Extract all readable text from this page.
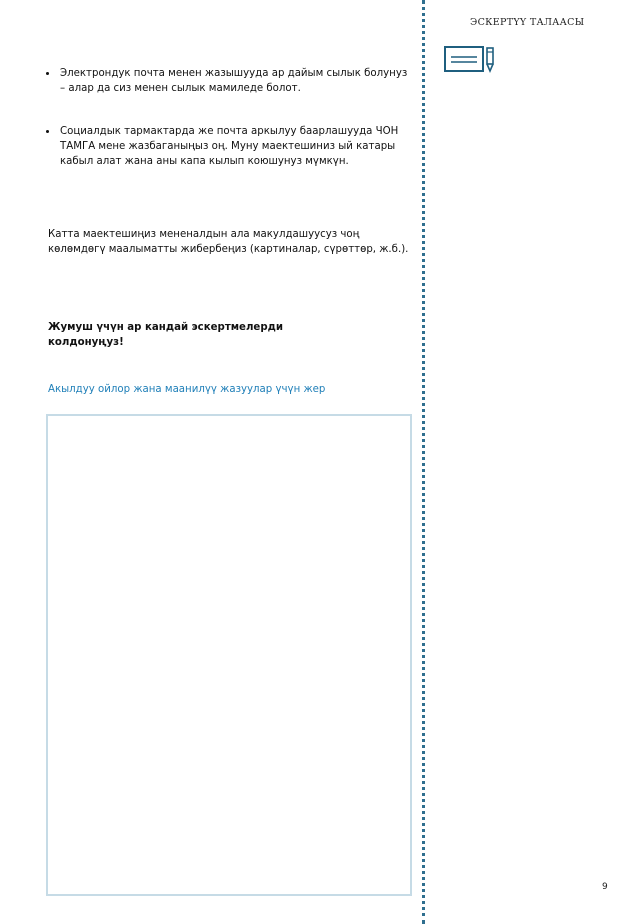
ЭСКЕРТҮҮ ТАЛААСЫ
Электрондук почта менен жазышууда ар дайым сылык болунуз – алар да сиз менен сылык мамиледе болот.
Социалдык тармактарда же почта аркылуу баарлашууда ЧОН ТАМГА мене жазбаганыңыз оң. Муну маектешиниз ый катары кабыл алат жана аны капа кылып коюшунуз мүмкүн.

Катта маектешиңиз мененалдын ала макулдашуусуз чоң көлөмдөгү маалыматты жибербеңиз (картиналар, сүрөттөр, ж.б.).

Жумуш үчүн ар кандай эскертмелерди колдонуңуз!

Акылдуу ойлор жана маанилүү жазуулар үчүн жер

9
